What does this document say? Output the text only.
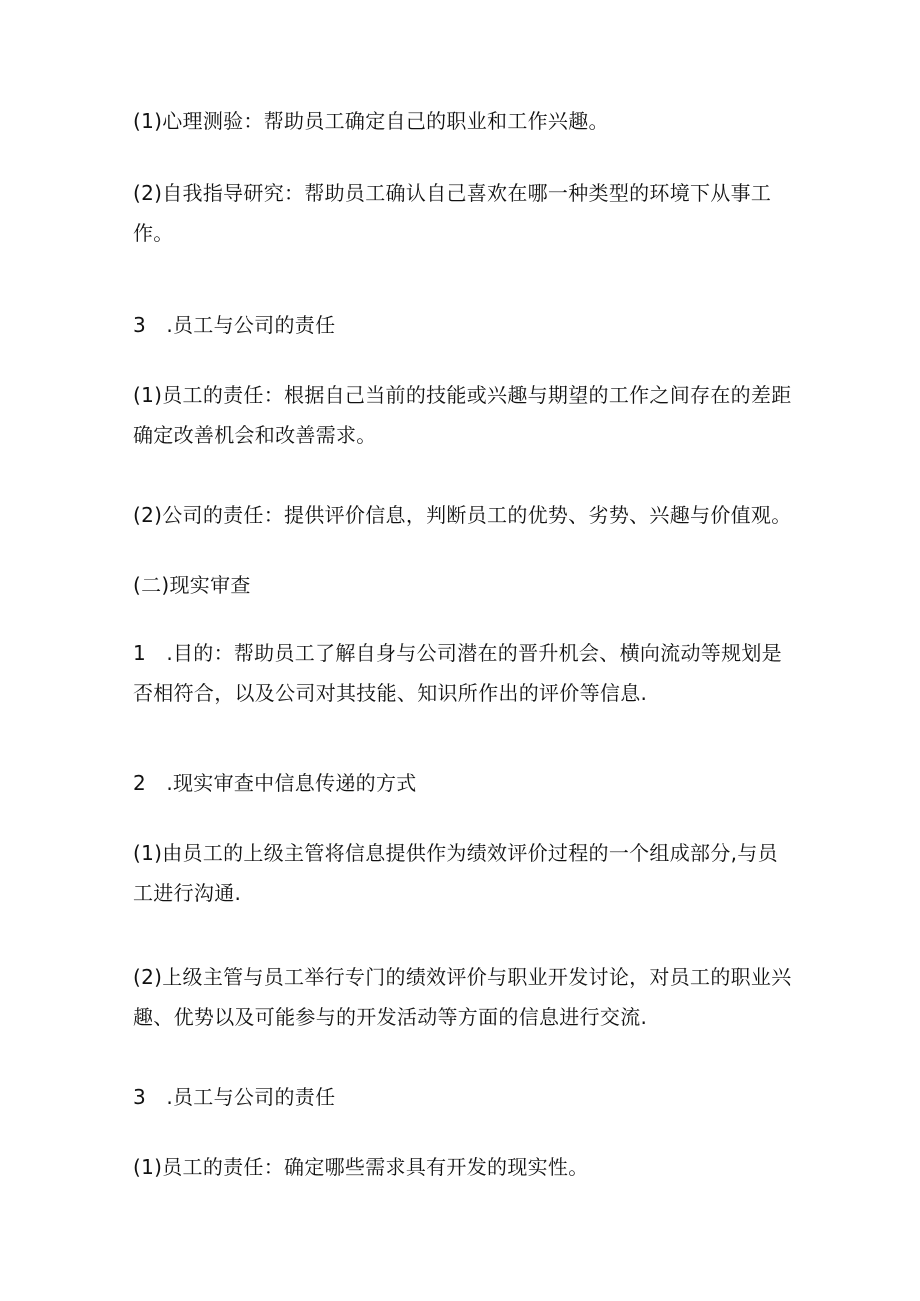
(1)心理测验：帮助员工确定自己的职业和工作兴趣。

(2)自我指导研究：帮助员工确认自己喜欢在哪一种类型的环境下从事工作。

3　.员工与公司的责任

(1)员工的责任：根据自己当前的技能或兴趣与期望的工作之间存在的差距确定改善机会和改善需求。

(2)公司的责任：提供评价信息，判断员工的优势、劣势、兴趣与价值观。

(二)现实审查

1　.目的：帮助员工了解自身与公司潜在的晋升机会、横向流动等规划是否相符合，以及公司对其技能、知识所作出的评价等信息.

2　.现实审查中信息传递的方式

(1)由员工的上级主管将信息提供作为绩效评价过程的一个组成部分,与员工进行沟通.

(2)上级主管与员工举行专门的绩效评价与职业开发讨论，对员工的职业兴趣、优势以及可能参与的开发活动等方面的信息进行交流.

3　.员工与公司的责任

(1)员工的责任：确定哪些需求具有开发的现实性。
